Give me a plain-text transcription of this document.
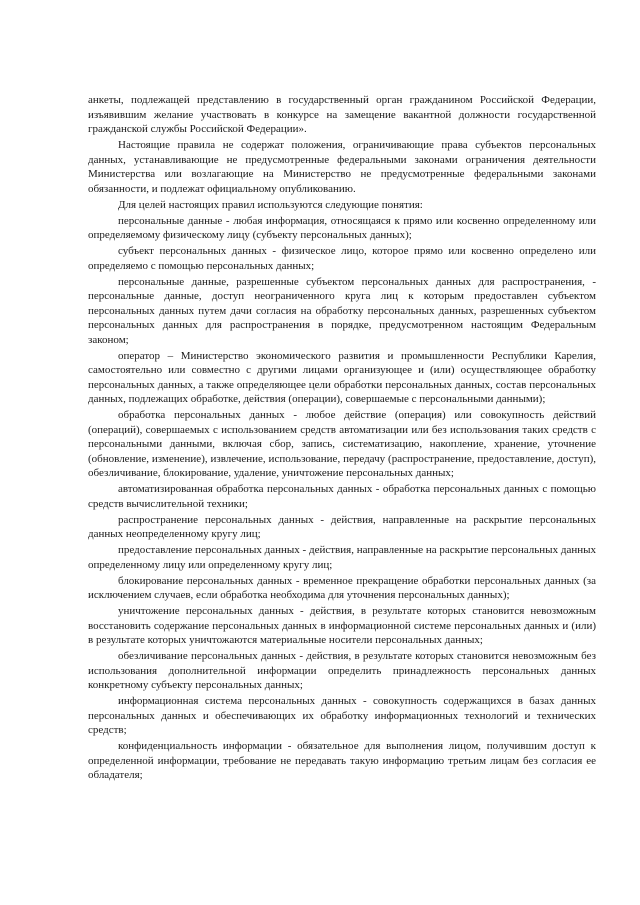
анкеты, подлежащей представлению в государственный орган гражданином Российской Федерации, изъявившим желание участвовать в конкурсе на замещение вакантной должности государственной гражданской службы Российской Федерации».

Настоящие правила не содержат положения, ограничивающие права субъектов персональных данных, устанавливающие не предусмотренные федеральными законами ограничения деятельности Министерства или возлагающие на Министерство не предусмотренные федеральными законами обязанности, и подлежат официальному опубликованию.

Для целей настоящих правил используются следующие понятия:

персональные данные - любая информация, относящаяся к прямо или косвенно определенному или определяемому физическому лицу (субъекту персональных данных);

субъект персональных данных - физическое лицо, которое прямо или косвенно определено или определяемо с помощью персональных данных;

персональные данные, разрешенные субъектом персональных данных для распространения, - персональные данные, доступ неограниченного круга лиц к которым предоставлен субъектом персональных данных путем дачи согласия на обработку персональных данных, разрешенных субъектом персональных данных для распространения в порядке, предусмотренном настоящим Федеральным законом;

оператор – Министерство экономического развития и промышленности Республики Карелия, самостоятельно или совместно с другими лицами организующее и (или) осуществляющее обработку персональных данных, а также определяющее цели обработки персональных данных, состав персональных данных, подлежащих обработке, действия (операции), совершаемые с персональными данными);

обработка персональных данных - любое действие (операция) или совокупность действий (операций), совершаемых с использованием средств автоматизации или без использования таких средств с персональными данными, включая сбор, запись, систематизацию, накопление, хранение, уточнение (обновление, изменение), извлечение, использование, передачу (распространение, предоставление, доступ), обезличивание, блокирование, удаление, уничтожение персональных данных;

автоматизированная обработка персональных данных - обработка персональных данных с помощью средств вычислительной техники;

распространение персональных данных - действия, направленные на раскрытие персональных данных неопределенному кругу лиц;

предоставление персональных данных - действия, направленные на раскрытие персональных данных определенному лицу или определенному кругу лиц;

блокирование персональных данных - временное прекращение обработки персональных данных (за исключением случаев, если обработка необходима для уточнения персональных данных);

уничтожение персональных данных - действия, в результате которых становится невозможным восстановить содержание персональных данных в информационной системе персональных данных и (или) в результате которых уничтожаются материальные носители персональных данных;

обезличивание персональных данных - действия, в результате которых становится невозможным без использования дополнительной информации определить принадлежность персональных данных конкретному субъекту персональных данных;

информационная система персональных данных - совокупность содержащихся в базах данных персональных данных и обеспечивающих их обработку информационных технологий и технических средств;

конфиденциальность информации - обязательное для выполнения лицом, получившим доступ к определенной информации, требование не передавать такую информацию третьим лицам без согласия ее обладателя;
